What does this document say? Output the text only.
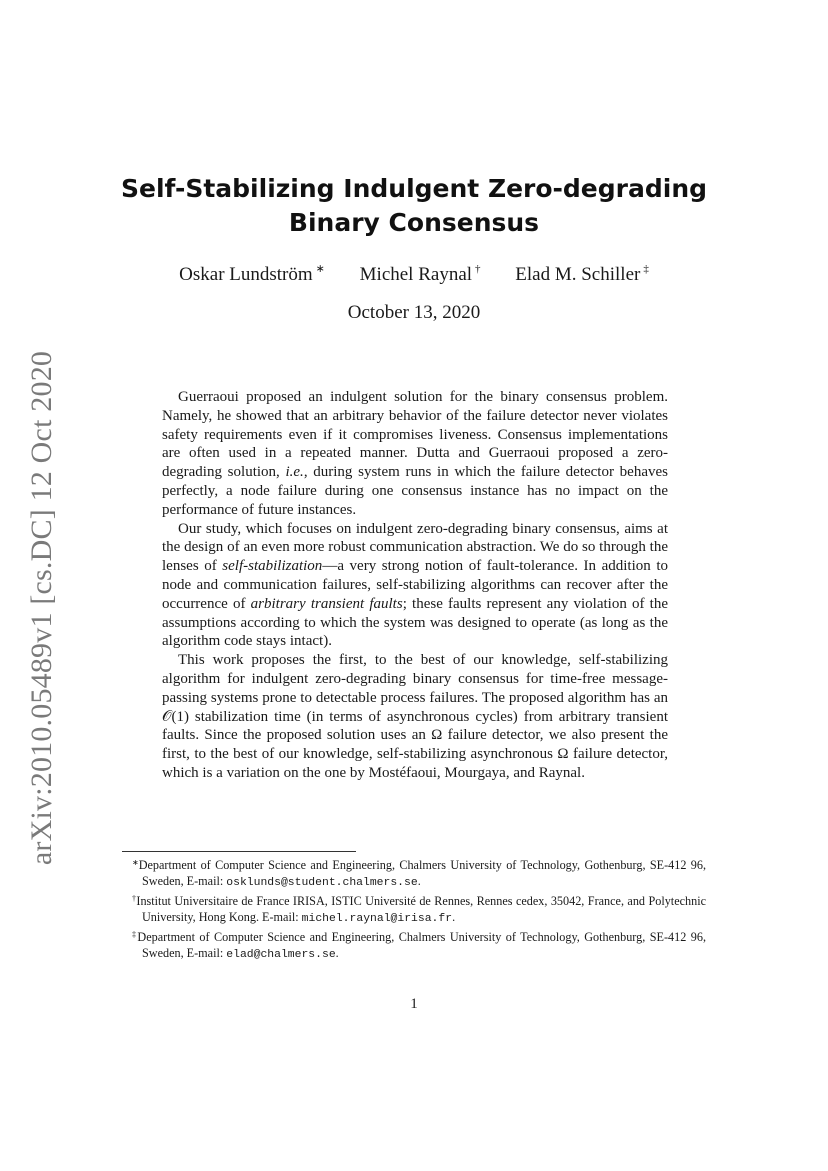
arXiv:2010.05489v1 [cs.DC] 12 Oct 2020
Self-Stabilizing Indulgent Zero-degrading
Binary Consensus
Oskar Lundström ∗ Michel Raynal † Elad M. Schiller ‡
October 13, 2020

Guerraoui proposed an indulgent solution for the binary consensus problem. Namely, he showed that an arbitrary behavior of the failure detector never violates safety requirements even if it compromises liveness. Consensus implementations are often used in a repeated manner. Dutta and Guerraoui proposed a zero-degrading solution, i.e., during system runs in which the failure detector behaves perfectly, a node failure during one consensus instance has no impact on the performance of future instances.

Our study, which focuses on indulgent zero-degrading binary consensus, aims at the design of an even more robust communication abstraction. We do so through the lenses of self-stabilization—a very strong notion of fault-tolerance. In addition to node and communication failures, self-stabilizing algorithms can recover after the occurrence of arbitrary transient faults; these faults represent any violation of the assumptions according to which the system was designed to operate (as long as the algorithm code stays intact).

This work proposes the first, to the best of our knowledge, self-stabilizing algorithm for indulgent zero-degrading binary consensus for time-free message-passing systems prone to detectable process failures. The proposed algorithm has an 𝒪(1) stabilization time (in terms of asynchronous cycles) from arbitrary transient faults. Since the proposed solution uses an Ω failure detector, we also present the first, to the best of our knowledge, self-stabilizing asynchronous Ω failure detector, which is a variation on the one by Mostéfaoui, Mourgaya, and Raynal.

∗Department of Computer Science and Engineering, Chalmers University of Technology, Gothenburg, SE-412 96, Sweden, E-mail: osklunds@student.chalmers.se.

†Institut Universitaire de France IRISA, ISTIC Université de Rennes, Rennes cedex, 35042, France, and Polytechnic University, Hong Kong. E-mail: michel.raynal@irisa.fr.

‡Department of Computer Science and Engineering, Chalmers University of Technology, Gothenburg, SE-412 96, Sweden, E-mail: elad@chalmers.se.

1
